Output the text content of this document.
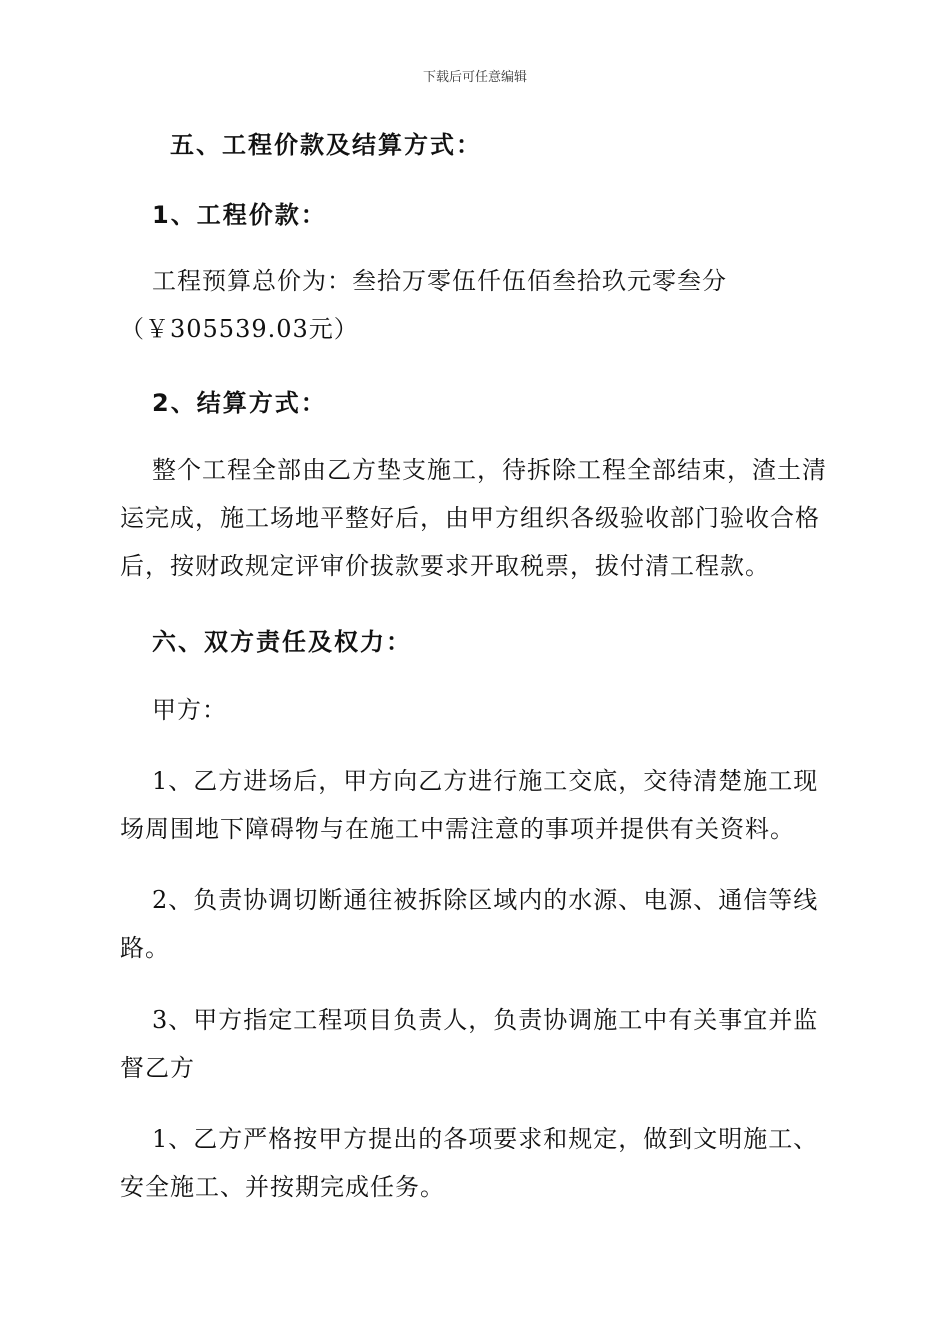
下载后可任意编辑

五、工程价款及结算方式：

1、工程价款：

工程预算总价为：叁拾万零伍仟伍佰叁拾玖元零叁分（￥305539.03元）

2、结算方式：

整个工程全部由乙方垫支施工，待拆除工程全部结束，渣土清运完成，施工场地平整好后，由甲方组织各级验收部门验收合格后，按财政规定评审价拔款要求开取税票，拔付清工程款。

六、双方责任及权力：

甲方：

1、乙方进场后，甲方向乙方进行施工交底，交待清楚施工现场周围地下障碍物与在施工中需注意的事项并提供有关资料。

2、负责协调切断通往被拆除区域内的水源、电源、通信等线路。

3、甲方指定工程项目负责人，负责协调施工中有关事宜并监督乙方

1、乙方严格按甲方提出的各项要求和规定，做到文明施工、安全施工、并按期完成任务。
